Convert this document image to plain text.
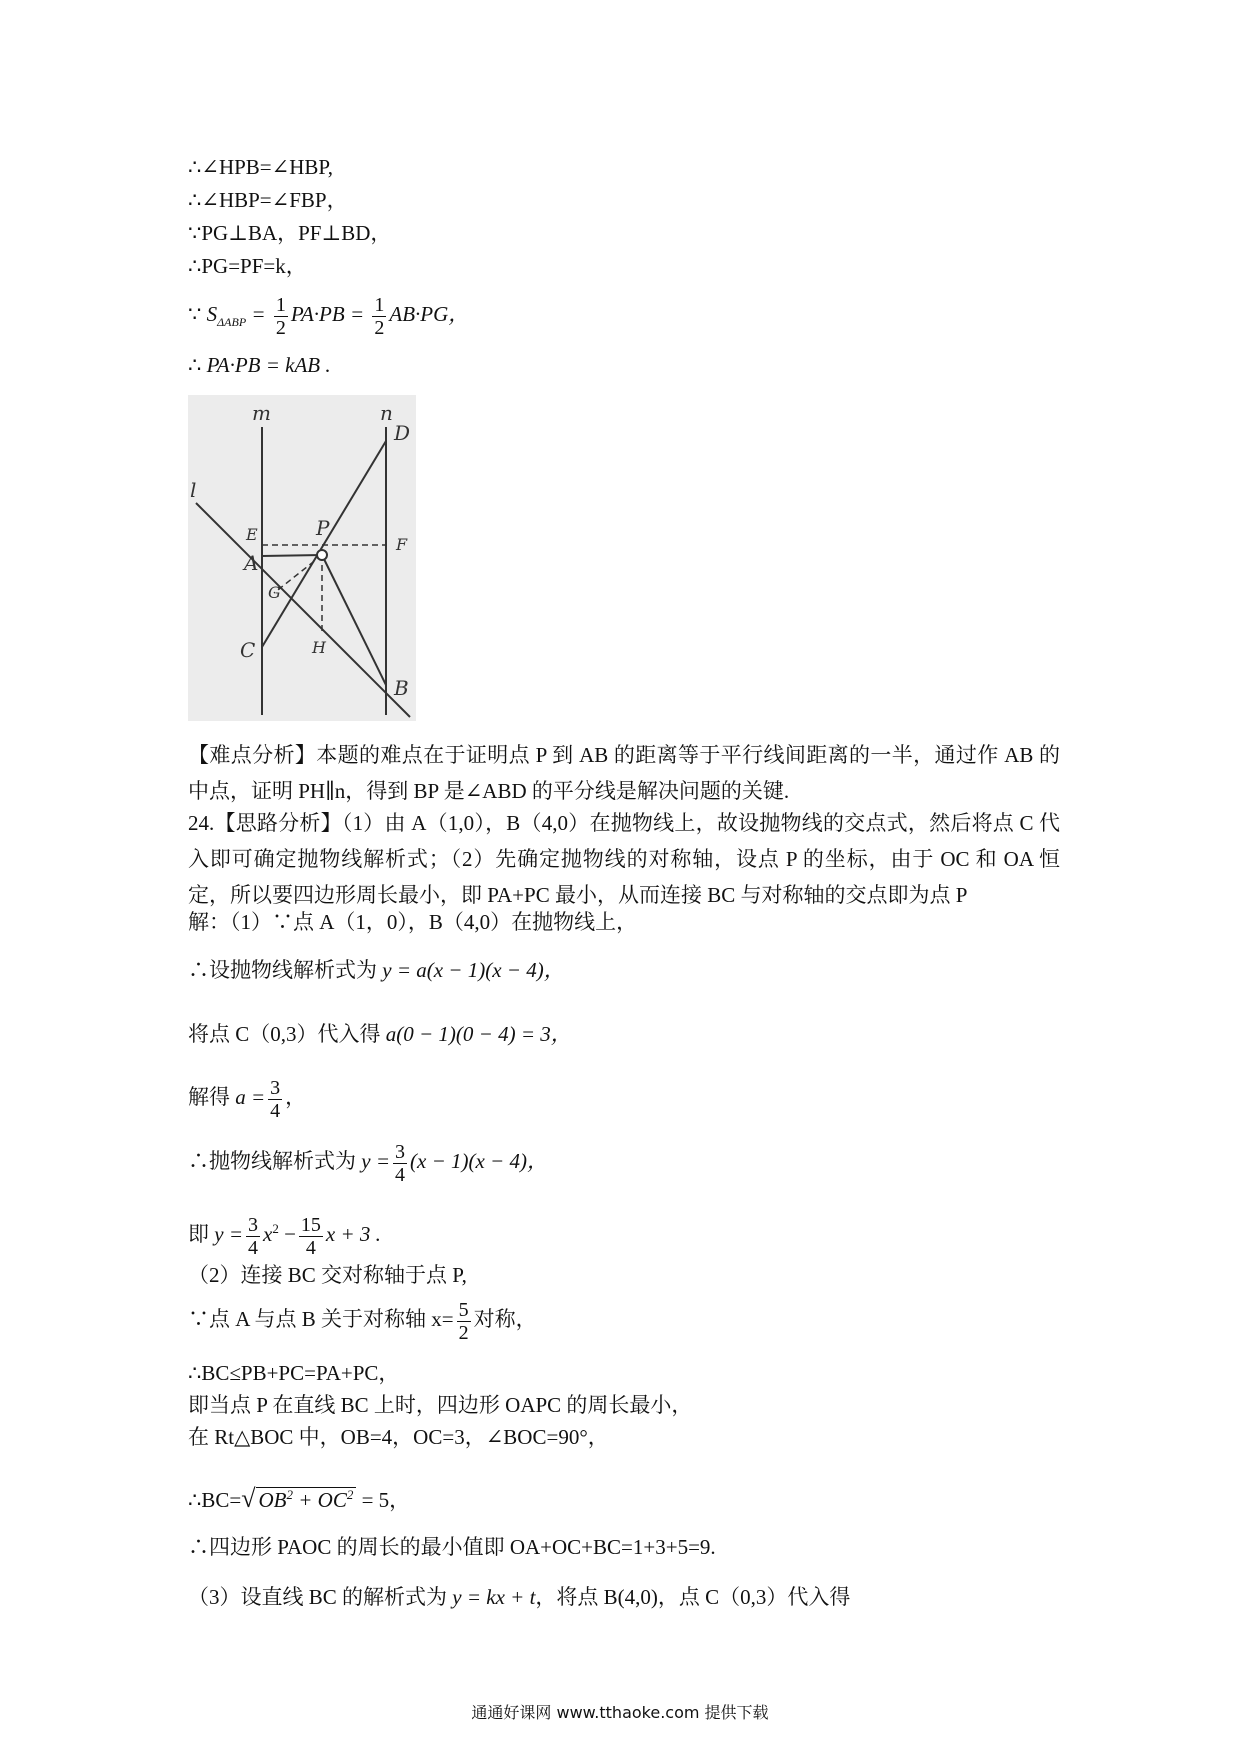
∴∠HPB=∠HBP,
∴∠HBP=∠FBP，
∵PG⊥BA，PF⊥BD，
∴PG=PF=k，
∵ $S_{\Delta ABP} = \frac{1}{2} PA\cdot PB = \frac{1}{2} AB\cdot PG$，
∴ PA·PB = kAB .
m	n
D
l
P
E
F
A
G
C	H
B
【难点分析】本题的难点在于证明点 P 到 AB 的距离等于平行线间距离的一半，通过作 AB 的中点，证明 PH∥n，得到 BP 是∠ABD 的平分线是解决问题的关键.
24.【思路分析】（1）由 A（1,0），B（4,0）在抛物线上，故设抛物线的交点式，然后将点 C 代入即可确定抛物线解析式；（2）先确定抛物线的对称轴，设点 P 的坐标，由于 OC 和 OA 恒定，所以要四边形周长最小，即 PA+PC 最小，从而连接 BC 与对称轴的交点即为点 P
解：（1）∵点 A（1，0），B（4,0）在抛物线上，
∴设抛物线解析式为 y = a(x − 1)(x − 4)，
将点 C（0,3）代入得 a(0 − 1)(0 − 4) = 3，
解得 $a = \frac{3}{4}$ ，
∴抛物线解析式为 $y = \frac{3}{4} (x - 1)(x - 4)$，
即 $y = \frac{3}{4} x^2 - \frac{15}{4}$ x + 3 .
（2）连接 BC 交对称轴于点 P,
∵点 A 与点 B 关于对称轴 $x= \frac{5}{2}$ 对称，
∴BC≤PB+PC=PA+PC，
即当点 P 在直线 BC 上时，四边形 OAPC 的周长最小，
在 Rt△BOC 中，OB=4，OC=3，∠BOC=90°，
∴BC=√ $OB^2 + OC^2 = 5$，
∴四边形 PAOC 的周长的最小值即 OA+OC+BC=1+3+5=9.
（3）设直线 BC 的解析式为 y = kx + t，将点 B(4,0)，点 C（0,3）代入得
通通好课网 www.tthaoke.com 提供下载
